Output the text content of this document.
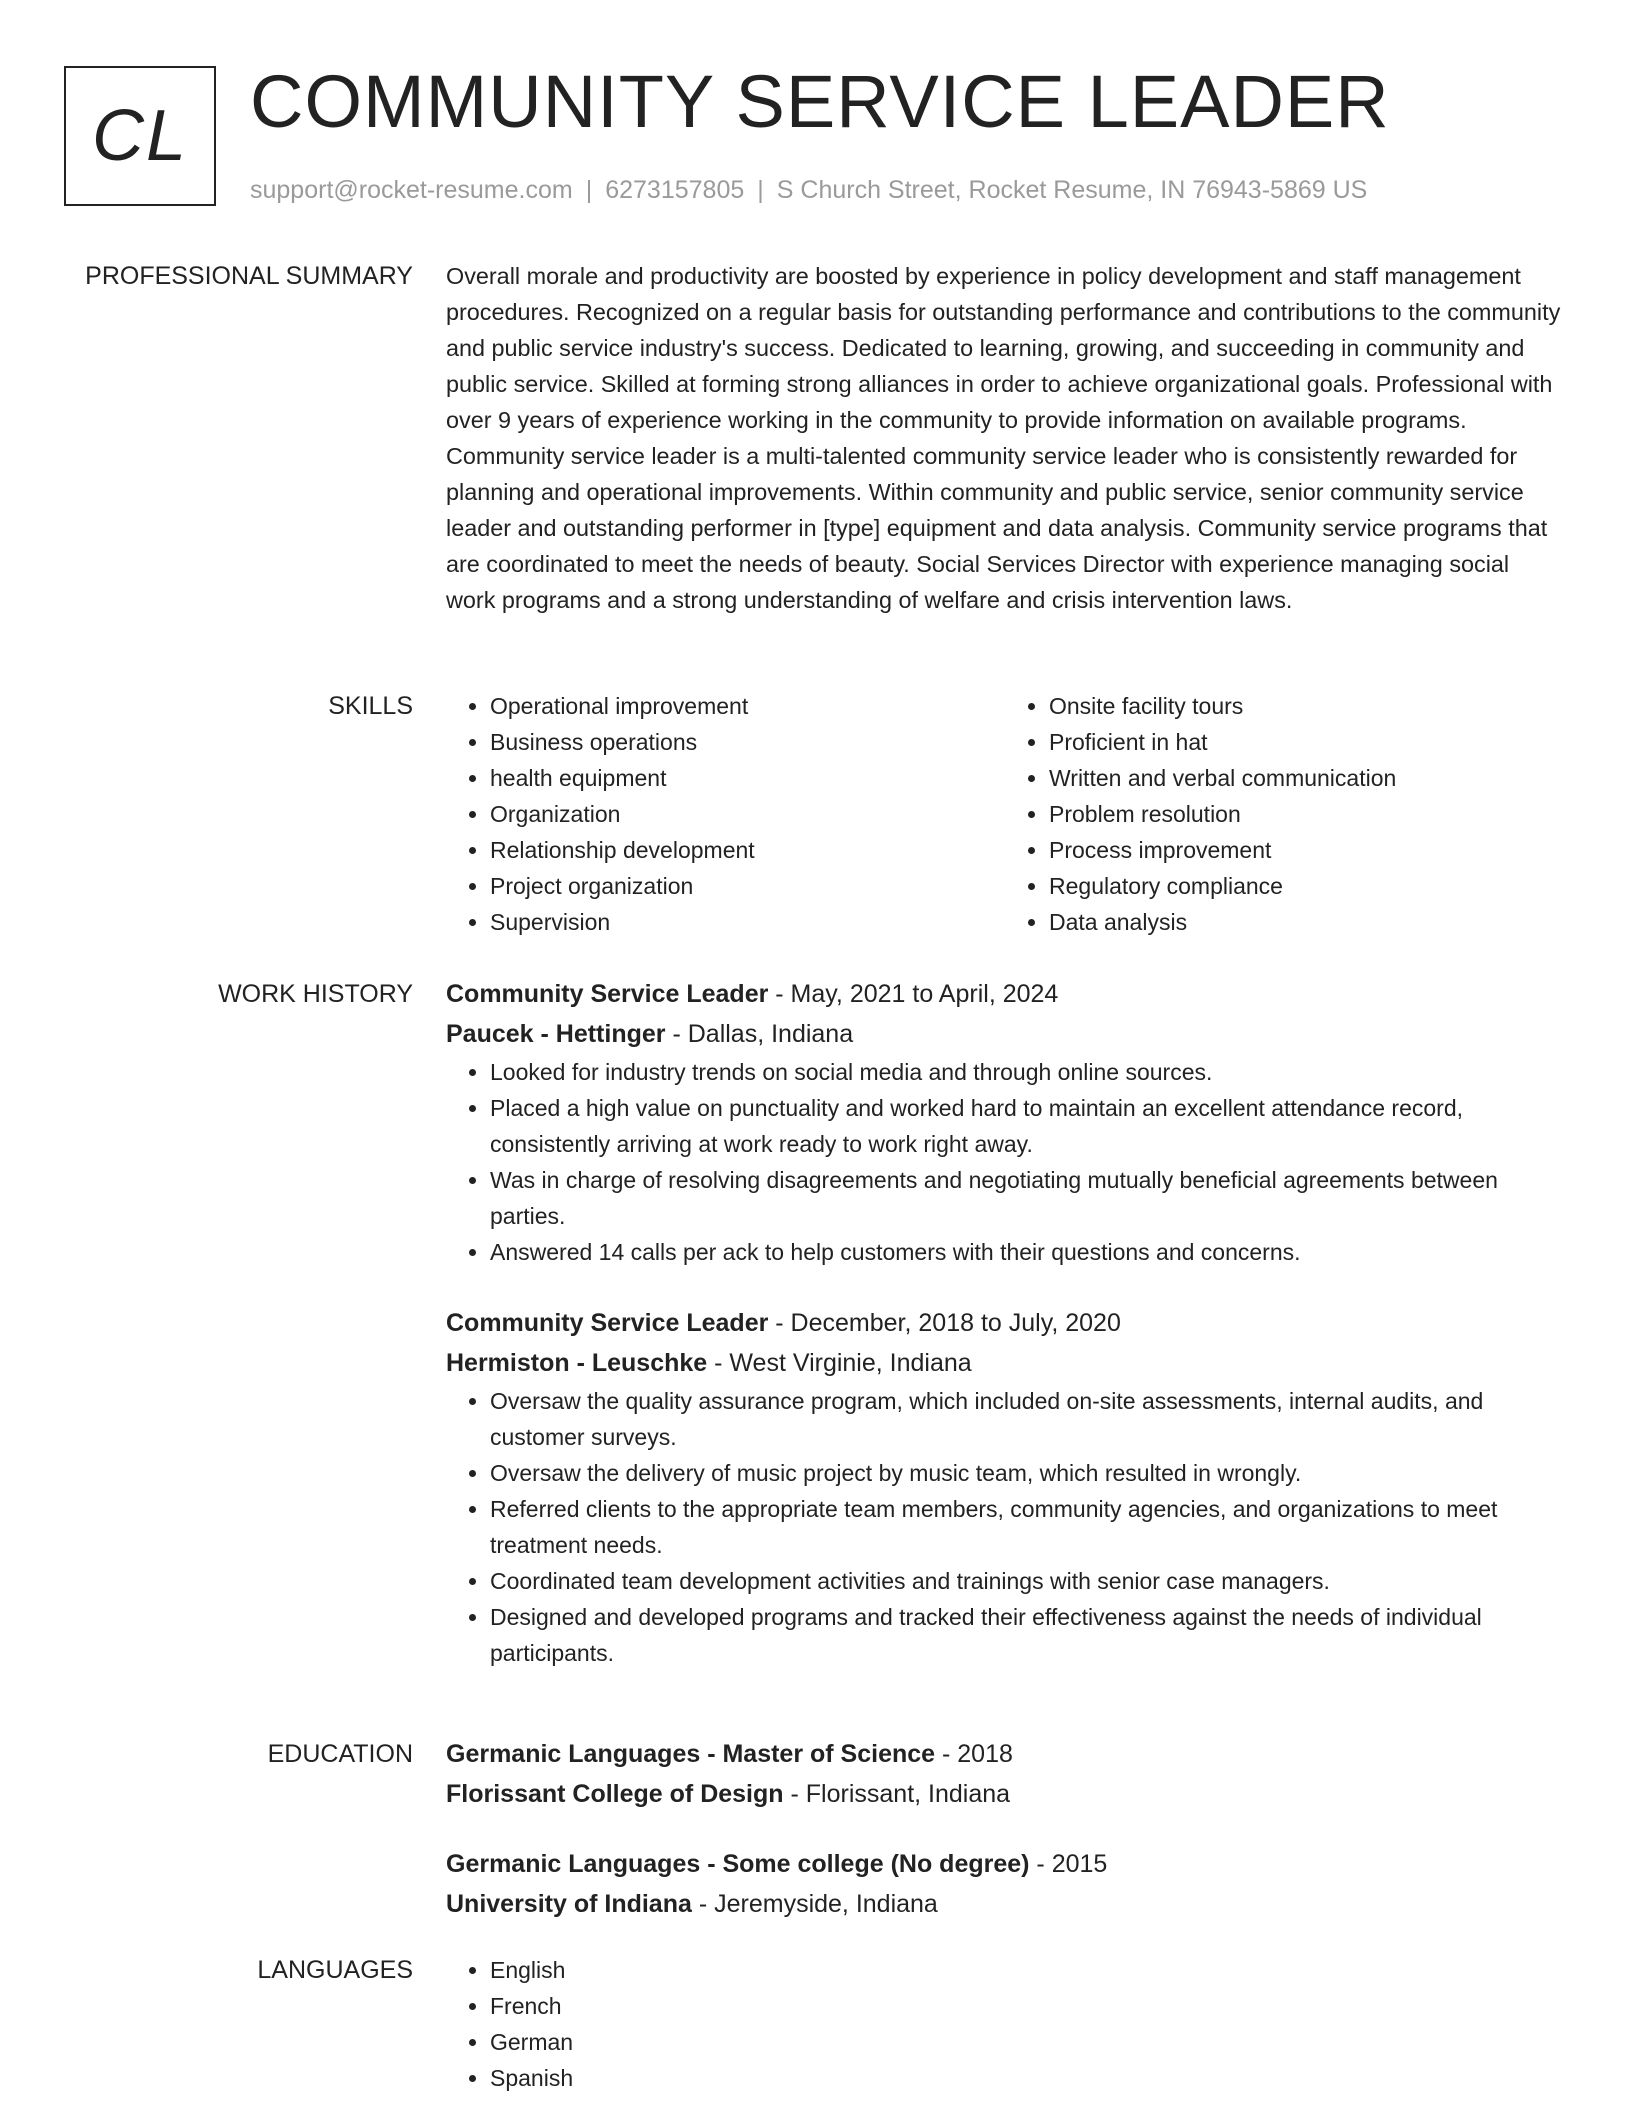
CL COMMUNITY SERVICE LEADER
support@rocket-resume.com | 6273157805 | S Church Street, Rocket Resume, IN 76943-5869 US
PROFESSIONAL SUMMARY Overall morale and productivity are boosted by experience in policy development and staff management procedures. Recognized on a regular basis for outstanding performance and contributions to the community and public service industry's success. Dedicated to learning, growing, and succeeding in community and public service. Skilled at forming strong alliances in order to achieve organizational goals. Professional with over 9 years of experience working in the community to provide information on available programs. Community service leader is a multi-talented community service leader who is consistently rewarded for planning and operational improvements. Within community and public service, senior community service leader and outstanding performer in [type] equipment and data analysis. Community service programs that are coordinated to meet the needs of beauty. Social Services Director with experience managing social work programs and a strong understanding of welfare and crisis intervention laws.
SKILLS	• Operational improvement
• Business operations
• health equipment
• Organization
• Relationship development
• Project organization
• Supervision
• Onsite facility tours
• Proficient in hat
• Written and verbal communication
• Problem resolution
• Process improvement
• Regulatory compliance
• Data analysis
WORK HISTORY Community Service Leader - May, 2021 to April, 2024
Paucek - Hettinger - Dallas, Indiana
• Looked for industry trends on social media and through online sources.
• Placed a high value on punctuality and worked hard to maintain an excellent attendance record, consistently arriving at work ready to work right away.
• Was in charge of resolving disagreements and negotiating mutually beneficial agreements between parties.
• Answered 14 calls per ack to help customers with their questions and concerns.
Community Service Leader - December, 2018 to July, 2020
Hermiston - Leuschke - West Virginie, Indiana
• Oversaw the quality assurance program, which included on-site assessments, internal audits, and customer surveys.
• Oversaw the delivery of music project by music team, which resulted in wrongly.
• Referred clients to the appropriate team members, community agencies, and organizations to meet treatment needs.
• Coordinated team development activities and trainings with senior case managers.
• Designed and developed programs and tracked their effectiveness against the needs of individual participants.
EDUCATION Germanic Languages - Master of Science - 2018
Florissant College of Design - Florissant, Indiana
Germanic Languages - Some college (No degree) - 2015
University of Indiana - Jeremyside, Indiana
LANGUAGES	• English
• French
• German
• Spanish
